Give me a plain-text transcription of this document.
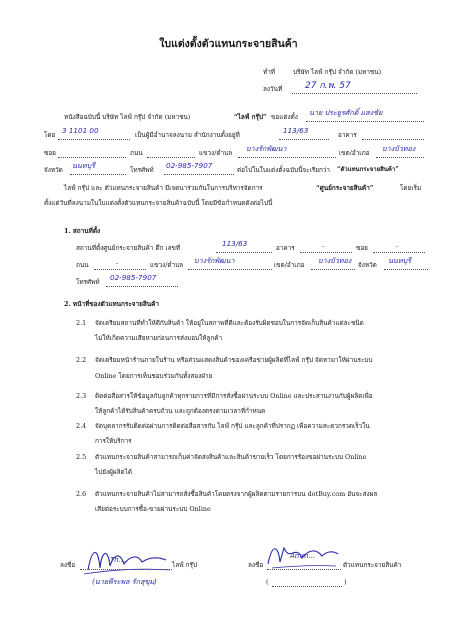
ใบแต่งตั้งตัวแทนกระจายสินค้า
ทำที่	บริษัท ไลฟ์ กรุ๊ป จำกัด (มหาชน)
ลงวันที่	27 ก.พ. 57
หนังสือฉบับนี้ บริษัท ไลฟ์ กรุ๊ป จำกัด (มหาชน)	“ไลฟ์ กรุ๊ป” ขอแต่งตั้ง นาย ประยูรศักดิ์ แสงชัย
โดย 3 1101 00	เป็นผู้มีอำนาจลงนาม สำนักงานตั้งอยู่ที่	113/63	อาคาร
ซอย	ถนน	แขวง/ตำบล บางรักพัฒนา	เขต/อำเภอ บางบัวทอง
จังหวัด นนทบุรี	โทรศัพท์ 02-985-7907	ต่อไปในใบแต่งตั้งฉบับนี้จะเรียกว่า “ตัวแทนกระจายสินค้า”
ไลฟ์ กรุ๊ป และ ตัวแทนกระจายสินค้า มีเจตนาร่วมกันในการบริหารจัดการ	“ศูนย์กระจายสินค้า”	โดยเริ่ม
ตั้งแต่วันที่ลงนามในใบแต่งตั้งตัวแทนกระจายสินค้าฉบับนี้ โดยมีข้อกำหนดดังต่อไปนี้
1. สถานที่ตั้ง
สถานที่ตั้งศูนย์กระจายสินค้า ตึก เลขที่	113/63	อาคาร	-	ซอย	-
ถนน	-	แขวง/ตำบล บางรักพัฒนา	เขต/อำเภอ บางบัวทอง จังหวัด นนทบุรี
โทรศัพท์ 02-985-7907
2. หน้าที่ของตัวแทนกระจายสินค้า
2.1 จัดเตรียมสถานที่ทำให้ดีกับสินค้า ให้อยู่ในสภาพที่ดีและต้องรับผิดชอบในการจัดเก็บสินค้าแต่ละชนิด
ไม่ให้เกิดความเสียหายก่อนการส่งมอบให้ลูกค้า
2.2 จัดเตรียมหน้าร้านภายในร้าน หรือส่วนแสดงสินค้าของเครือข่ายผู้ผลิตที่ไลฟ์ กรุ๊ป จัดหามาให้ผ่านระบบ
Online โดยการเห็นชอบร่วมกันทั้งสองฝ่าย
2.3 ติดต่อสื่อสารให้ข้อมูลกับลูกค้าทุกรายการที่มีการสั่งซื้อผ่านระบบ Online และประสานงานกับผู้ผลิตเพื่อ
ให้ลูกค้าได้รับสินค้าครบถ้วน และถูกต้องตรงตามเวลาที่กำหนด
2.4 จัดบุคลากรรับติดต่อผ่านการติดต่อสื่อสารกับ ไลฟ์ กรุ๊ป และลูกค้าที่ปรากฏ เพื่อความสะดวกรวดเร็วใน
การให้บริการ
2.5 ตัวแทนกระจายสินค้าสามารถเก็บค่าจัดส่งสินค้าและสินค้าขายเร็ว โดยการร้องขอผ่านระบบ Online
ไปยังผู้ผลิตได้
2.6 ตัวแทนกระจายสินค้าไม่สามารถสั่งซื้อสินค้าโดยตรงจากผู้ผลิตตามรายการบน dotBuy.com อันจะส่งผล
เสียต่อระบบการซื้อ-ขายผ่านระบบ Online
Th...
ลงชื่อ	ไลฟ์ กรุ๊ป
(นายพีระพล รักสุขุม)
Amm...
ลงชื่อ	ตัวแทนกระจายสินค้า
(	)
